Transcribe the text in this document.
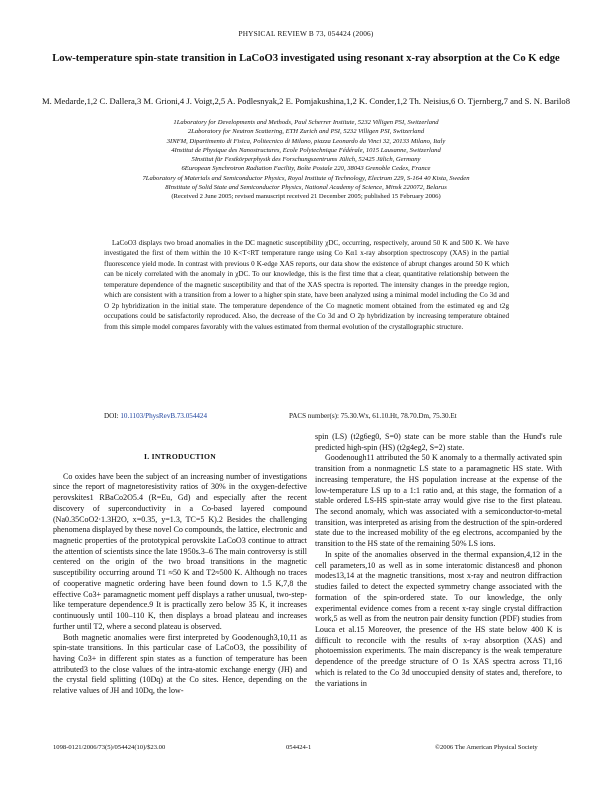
PHYSICAL REVIEW B 73, 054424 (2006)
Low-temperature spin-state transition in LaCoO3 investigated using resonant x-ray absorption at the Co K edge
M. Medarde,1,2 C. Dallera,3 M. Grioni,4 J. Voigt,2,5 A. Podlesnyak,2 E. Pomjakushina,1,2 K. Conder,1,2 Th. Neisius,6 O. Tjernberg,7 and S. N. Barilo8
1Laboratory for Developments and Methods, Paul Scherrer Institute, 5232 Villigen PSI, Switzerland
2Laboratory for Neutron Scattering, ETH Zurich and PSI, 5232 Villigen PSI, Switzerland
3INFM, Dipartimento di Fisica, Politecnico di Milano, piazza Leonardo da Vinci 32, 20133 Milano, Italy
4Institut de Physique des Nanostructures, Ecole Polytechnique Fédérale, 1015 Lausanne, Switzerland
5Institut für Festkörperphysik des Forschungszentrums Jülich, 52425 Jülich, Germany
6European Synchrotron Radiation Facility, Boîte Postale 220, 38043 Grenoble Cedex, France
7Laboratory of Materials and Semiconductor Physics, Royal Institute of Technology, Electrum 229, S-164 40 Kista, Sweden
8Institute of Solid State and Semiconductor Physics, National Academy of Science, Minsk 220072, Belarus
(Received 2 June 2005; revised manuscript received 21 December 2005; published 15 February 2006)
LaCoO3 displays two broad anomalies in the DC magnetic susceptibility χDC, occurring, respectively, around 50 K and 500 K. We have investigated the first of them within the 10 K<T<RT temperature range using Co Kα1 x-ray absorption spectroscopy (XAS) in the partial fluorescence yield mode. In contrast with previous 0 K-edge XAS reports, our data show the existence of abrupt changes around 50 K which can be nicely correlated with the anomaly in χDC. To our knowledge, this is the first time that a clear, quantitative relationship between the temperature dependence of the magnetic susceptibility and that of the XAS spectra is reported. The intensity changes in the preedge region, which are consistent with a transition from a lower to a higher spin state, have been analyzed using a minimal model including the Co 3d and O 2p hybridization in the initial state. The temperature dependence of the Co magnetic moment obtained from the estimated eg and t2g occupations could be satisfactorily reproduced. Also, the decrease of the Co 3d and O 2p hybridization by increasing temperature obtained from this simple model compares favorably with the values estimated from thermal evolution of the crystallographic structure.
DOI: 10.1103/PhysRevB.73.054424	PACS number(s): 75.30.Wx, 61.10.Ht, 78.70.Dm, 75.30.Et

I. INTRODUCTION

Co oxides have been the subject of an increasing number of investigations since the report of magnetoresistivity ratios of 30% in the oxygen-defective perovskites1 RBaCo2O5.4 (R=Eu, Gd) and especially after the recent discovery of superconductivity in a Co-based layered compound (Na0.35CoO2·1.3H2O, x=0.35, y=1.3, TC=5 K).2 Besides the challenging phenomena displayed by these novel Co compounds, the lattice, electronic and magnetic properties of the prototypical perovskite LaCoO3 continue to attract the attention of scientists since the late 1950s.3–6 The main controversy is still centered on the origin of the two broad transitions in the magnetic susceptibility occurring around T1 ≈50 K and T2≈500 K. Although no traces of cooperative magnetic ordering have been found down to 1.5 K,7,8 the effective Co3+ paramagnetic moment μeff displays a rather unusual, two-step-like temperature dependence.9 It is practically zero below 35 K, it increases continuously until 100–110 K, then displays a broad plateau and increases further until T2, where a second plateau is observed.

Both magnetic anomalies were first interpreted by Goodenough3,10,11 as spin-state transitions. In this particular case of LaCoO3, the possibility of having Co3+ in different spin states as a function of temperature has been attributed3 to the close values of the intra-atomic exchange energy (JH) and the crystal field splitting (10Dq) at the Co sites. Hence, depending on the relative values of JH and 10Dq, the low-

spin (LS) (t2g6eg0, S=0) state can be more stable than the Hund's rule predicted high-spin (HS) (t2g4eg2, S=2) state.

Goodenough11 attributed the 50 K anomaly to a thermally activated spin transition from a nonmagnetic LS state to a paramagnetic HS state. With increasing temperature, the HS population increase at the expense of the low-temperature LS up to a 1:1 ratio and, at this stage, the formation of a stable ordered LS-HS spin-state array would give rise to the first plateau. The second anomaly, which was associated with a semiconductor-to-metal transition, was interpreted as arising from the destruction of the spin-ordered state due to the increased mobility of the eg electrons, accompanied by the transition to the HS state of the remaining 50% LS ions.

In spite of the anomalies observed in the thermal expansion,4,12 in the cell parameters,10 as well as in some interatomic distances8 and phonon modes13,14 at the magnetic transitions, most x-ray and neutron diffraction studies failed to detect the expected symmetry change associated with the formation of the spin-ordered state. To our knowledge, the only experimental evidence comes from a recent x-ray single crystal diffraction work,5 as well as from the neutron pair density function (PDF) studies from Louca et al.15 Moreover, the presence of the HS state below 400 K is difficult to reconcile with the results of x-ray absorption (XAS) and photoemission experiments. The main discrepancy is the weak temperature dependence of the preedge structure of O 1s XAS spectra across T1,16 which is related to the Co 3d unoccupied density of states and, therefore, to the variations in

1098-0121/2006/73(5)/054424(10)/$23.00	054424-1	©2006 The American Physical Society
